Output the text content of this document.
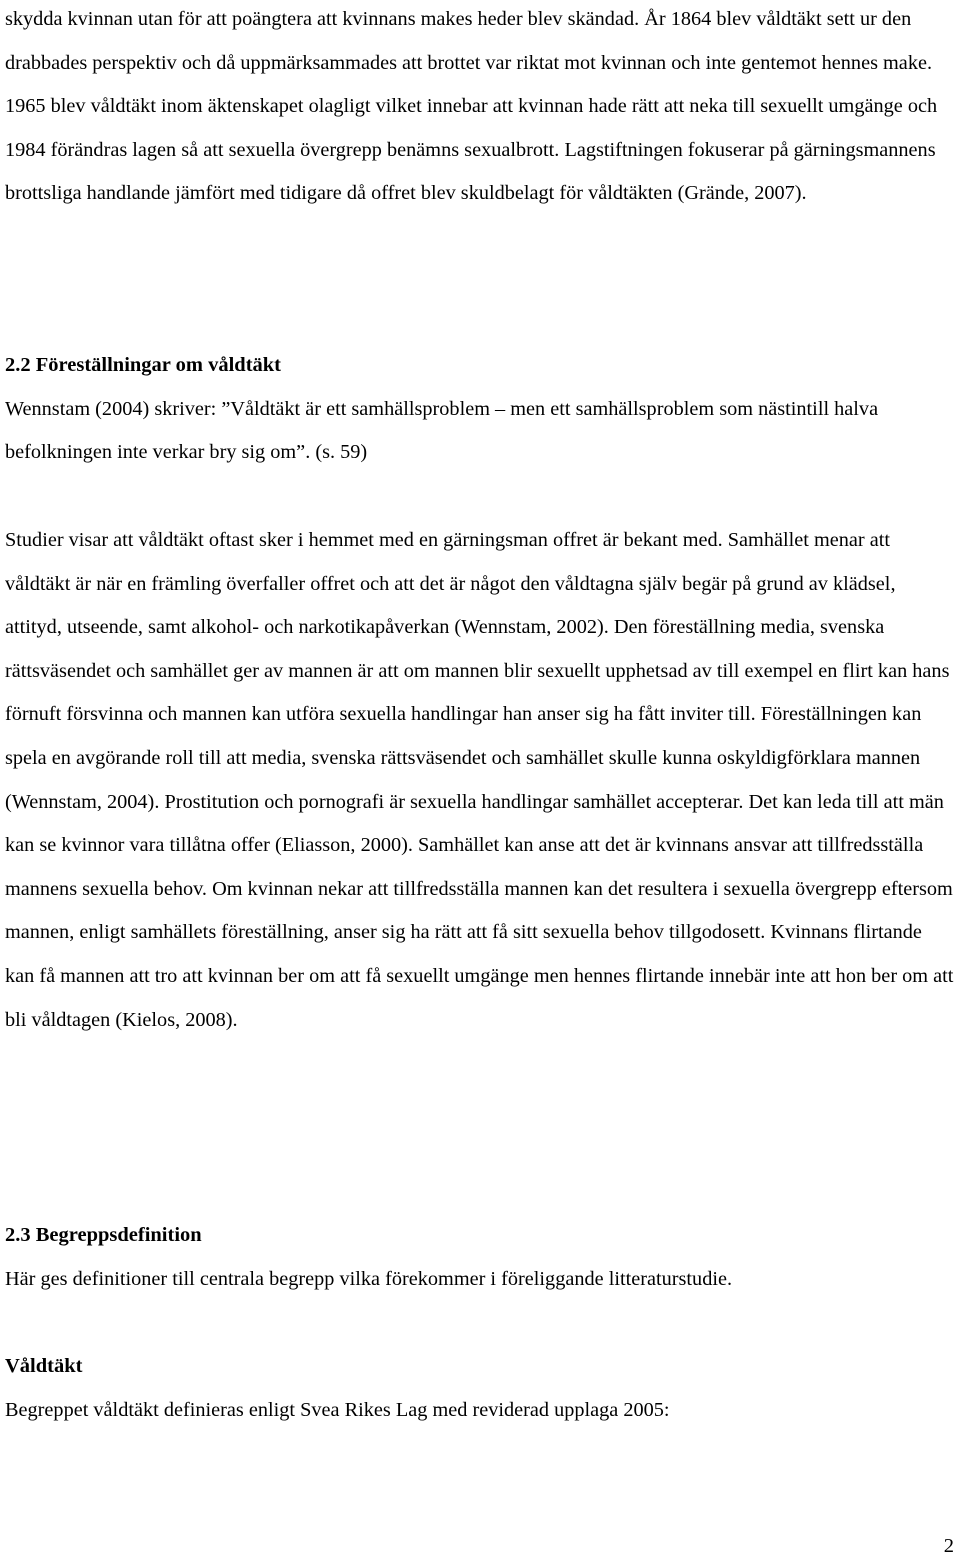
skydda kvinnan utan för att poängtera att kvinnans makes heder blev skändad. År 1864 blev våldtäkt sett ur den drabbades perspektiv och då uppmärksammades att brottet var riktat mot kvinnan och inte gentemot hennes make. 1965 blev våldtäkt inom äktenskapet olagligt vilket innebar att kvinnan hade rätt att neka till sexuellt umgänge och 1984 förändras lagen så att sexuella övergrepp benämns sexualbrott. Lagstiftningen fokuserar på gärningsmannens brottsliga handlande jämfört med tidigare då offret blev skuldbelagt för våldtäkten (Grände, 2007).

2.2 Föreställningar om våldtäkt

Wennstam (2004) skriver: ”Våldtäkt är ett samhällsproblem – men ett samhällsproblem som nästintill halva befolkningen inte verkar bry sig om”. (s. 59)

Studier visar att våldtäkt oftast sker i hemmet med en gärningsman offret är bekant med. Samhället menar att våldtäkt är när en främling överfaller offret och att det är något den våldtagna själv begär på grund av klädsel, attityd, utseende, samt alkohol- och narkotikapåverkan (Wennstam, 2002). Den föreställning media, svenska rättsväsendet och samhället ger av mannen är att om mannen blir sexuellt upphetsad av till exempel en flirt kan hans förnuft försvinna och mannen kan utföra sexuella handlingar han anser sig ha fått inviter till. Föreställningen kan spela en avgörande roll till att media, svenska rättsväsendet och samhället skulle kunna oskyldigförklara mannen (Wennstam, 2004). Prostitution och pornografi är sexuella handlingar samhället accepterar. Det kan leda till att män kan se kvinnor vara tillåtna offer (Eliasson, 2000). Samhället kan anse att det är kvinnans ansvar att tillfredsställa mannens sexuella behov. Om kvinnan nekar att tillfredsställa mannen kan det resultera i sexuella övergrepp eftersom mannen, enligt samhällets föreställning, anser sig ha rätt att få sitt sexuella behov tillgodosett. Kvinnans flirtande kan få mannen att tro att kvinnan ber om att få sexuellt umgänge men hennes flirtande innebär inte att hon ber om att bli våldtagen (Kielos, 2008).

2.3 Begreppsdefinition

Här ges definitioner till centrala begrepp vilka förekommer i föreliggande litteraturstudie.

Våldtäkt

Begreppet våldtäkt definieras enligt Svea Rikes Lag med reviderad upplaga 2005:

2
